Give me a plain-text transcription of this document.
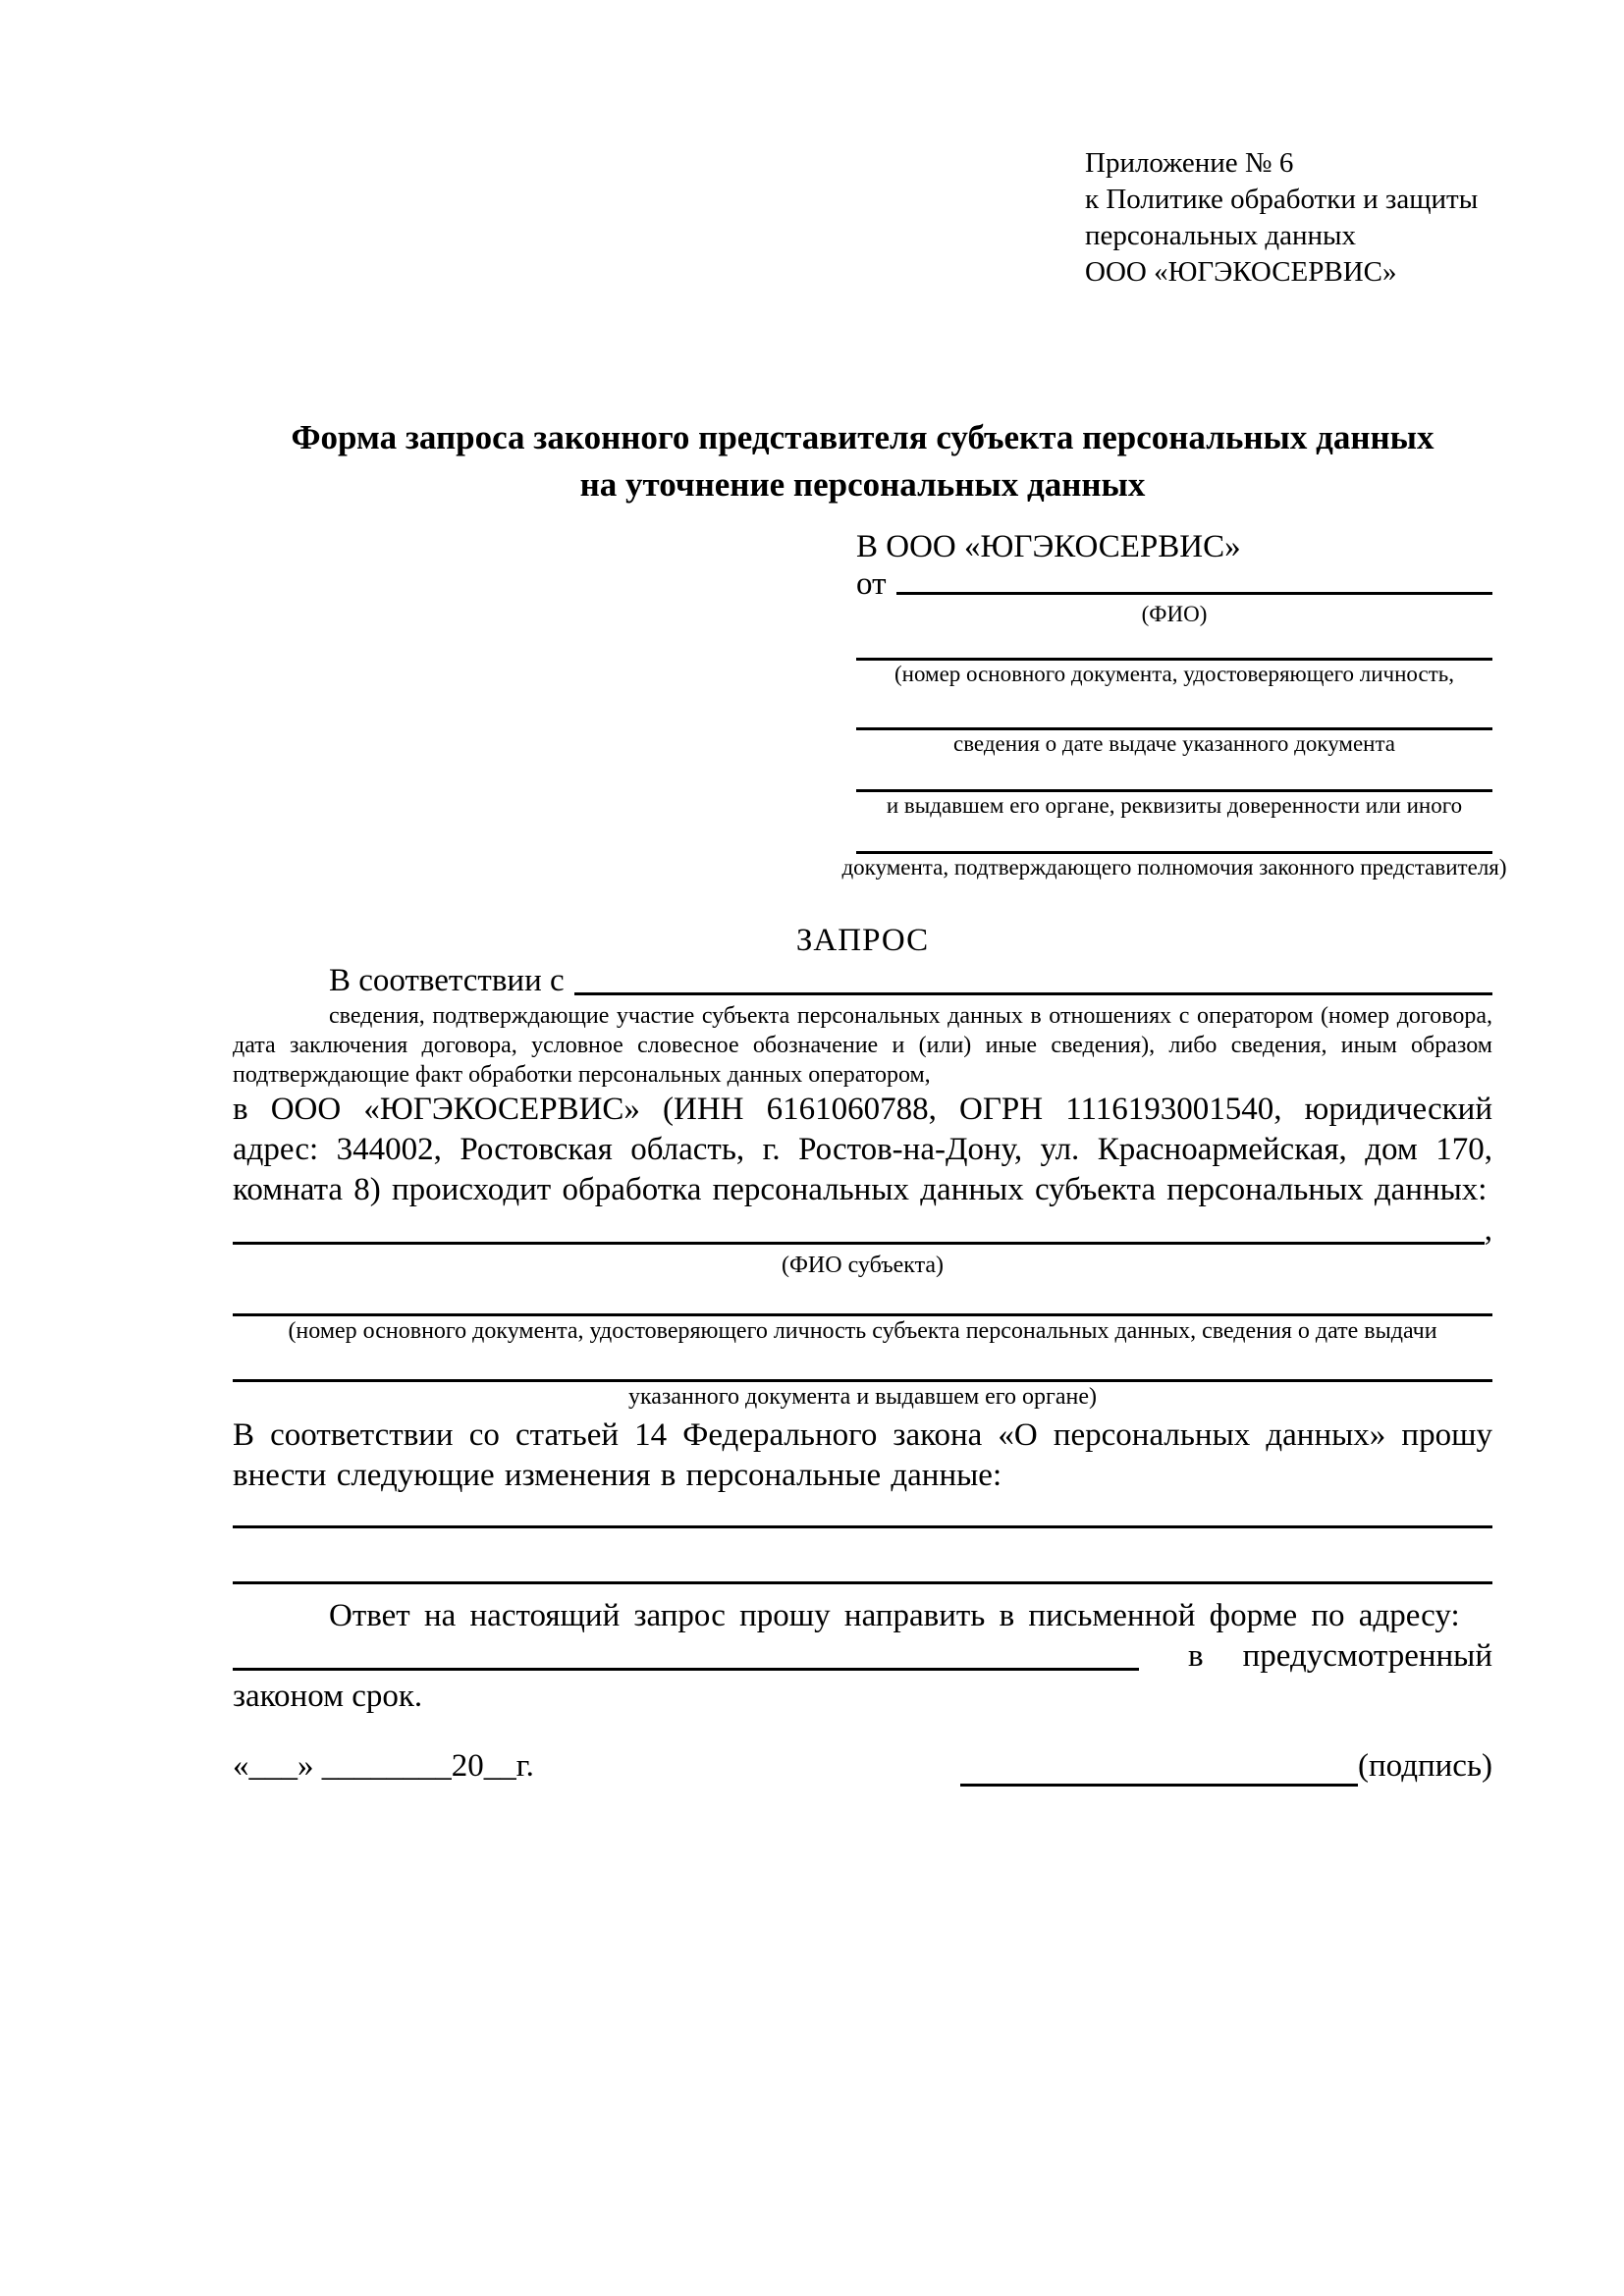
Приложение № 6
к Политике обработки и защиты
персональных данных
ООО «ЮГЭКОСЕРВИС»
Форма запроса законного представителя субъекта персональных данных
на уточнение персональных данных
В ООО «ЮГЭКОСЕРВИС»
от
(ФИО)
(номер основного документа, удостоверяющего личность,
сведения о дате выдаче указанного документа
и выдавшем его органе, реквизиты доверенности или иного
документа, подтверждающего полномочия законного представителя)
ЗАПРОС
В соответствии с
сведения, подтверждающие участие субъекта персональных данных в отношениях с оператором (номер договора, дата заключения договора, условное словесное обозначение и (или) иные сведения), либо сведения, иным образом подтверждающие факт обработки персональных данных оператором,
в ООО «ЮГЭКОСЕРВИС» (ИНН 6161060788, ОГРН 1116193001540, юридический адрес: 344002, Ростовская область, г. Ростов-на-Дону, ул. Красноармейская, дом 170, комната 8) происходит обработка персональных данных субъекта персональных данных:
,
(ФИО субъекта)
(номер основного документа, удостоверяющего личность субъекта персональных данных, сведения о дате выдачи
указанного документа и выдавшем его органе)
В соответствии со статьей 14 Федерального закона «О персональных данных» прошу внести следующие изменения в персональные данные:
Ответ на настоящий запрос прошу направить в письменной форме по адресу:
в предусмотренный
законом срок.
«___» ________20__г.	(подпись)
